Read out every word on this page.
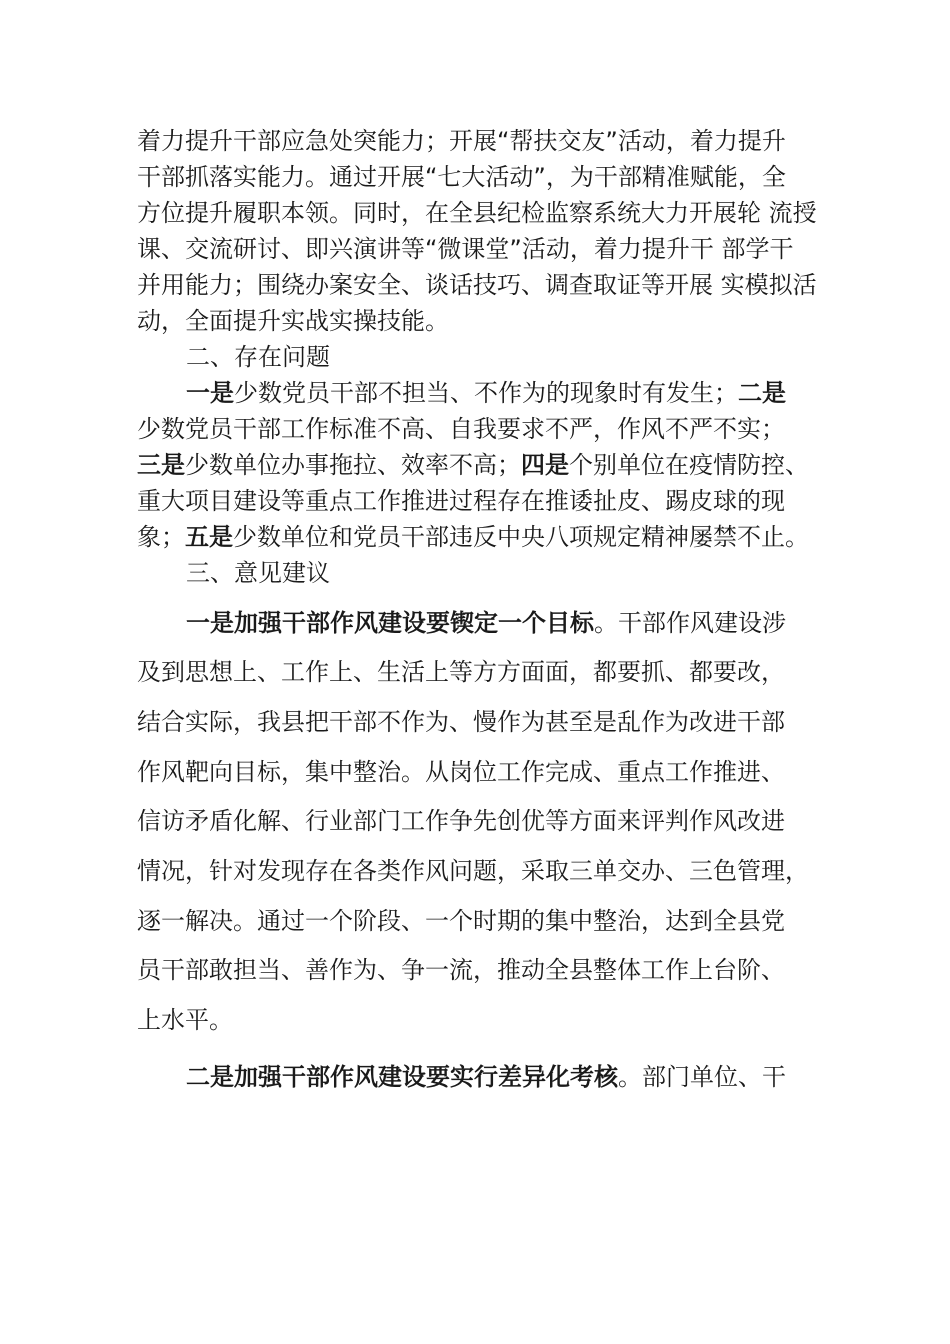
着力提升干部应急处突能力；开展“帮扶交友”活动，着力提升

干部抓落实能力。通过开展“七大活动”，为干部精准赋能，全

方位提升履职本领。同时，在全县纪检监察系统大力开展轮 流授

课、交流研讨、即兴演讲等“微课堂”活动，着力提升干 部学干

并用能力；围绕办案安全、谈话技巧、调查取证等开展 实模拟活

动，全面提升实战实操技能。

二、存在问题

一是少数党员干部不担当、不作为的现象时有发生；二是

少数党员干部工作标准不高、自我要求不严，作风不严不实；

三是少数单位办事拖拉、效率不高；四是个别单位在疫情防控、

重大项目建设等重点工作推进过程存在推诿扯皮、踢皮球的现

象；五是少数单位和党员干部违反中央八项规定精神屡禁不止。

三、意见建议

一是加强干部作风建设要锲定一个目标。干部作风建设涉

及到思想上、工作上、生活上等方方面面，都要抓、都要改，

结合实际，我县把干部不作为、慢作为甚至是乱作为改进干部

作风靶向目标，集中整治。从岗位工作完成、重点工作推进、

信访矛盾化解、行业部门工作争先创优等方面来评判作风改进

情况，针对发现存在各类作风问题，采取三单交办、三色管理，

逐一解决。通过一个阶段、一个时期的集中整治，达到全县党

员干部敢担当、善作为、争一流，推动全县整体工作上台阶、

上水平。

二是加强干部作风建设要实行差异化考核。部门单位、干
